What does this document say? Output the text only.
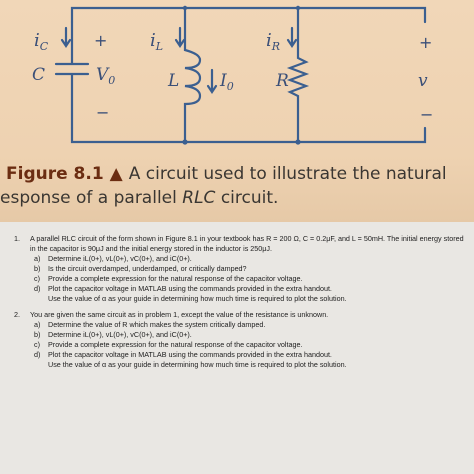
$i_C$	$i_L$	$i_R$
C	$V_0$	L $I_0$ R	v
+
−
+
−
Figure 8.1 ▲ A circuit used to illustrate the natural
esponse of a parallel RLC circuit.
1. A parallel RLC circuit of the form shown in Figure 8.1 in your textbook has R = 200 Ω, C = 0.2μF, and L = 50mH. The initial energy stored in the capacitor is 90μJ and the initial energy stored in the inductor is 250μJ.
a) Determine iL(0+), vL(0+), vC(0+), and iC(0+).
b) Is the circuit overdamped, underdamped, or critically damped?
c) Provide a complete expression for the natural response of the capacitor voltage.
d) Plot the capacitor voltage in MATLAB using the commands provided in the extra handout.
Use the value of α as your guide in determining how much time is required to plot the solution.
2. You are given the same circuit as in problem 1, except the value of the resistance is unknown.
a) Determine the value of R which makes the system critically damped.
b) Determine iL(0+), vL(0+), vC(0+), and iC(0+).
c) Provide a complete expression for the natural response of the capacitor voltage.
d) Plot the capacitor voltage in MATLAB using the commands provided in the extra handout.
Use the value of α as your guide in determining how much time is required to plot the solution.
